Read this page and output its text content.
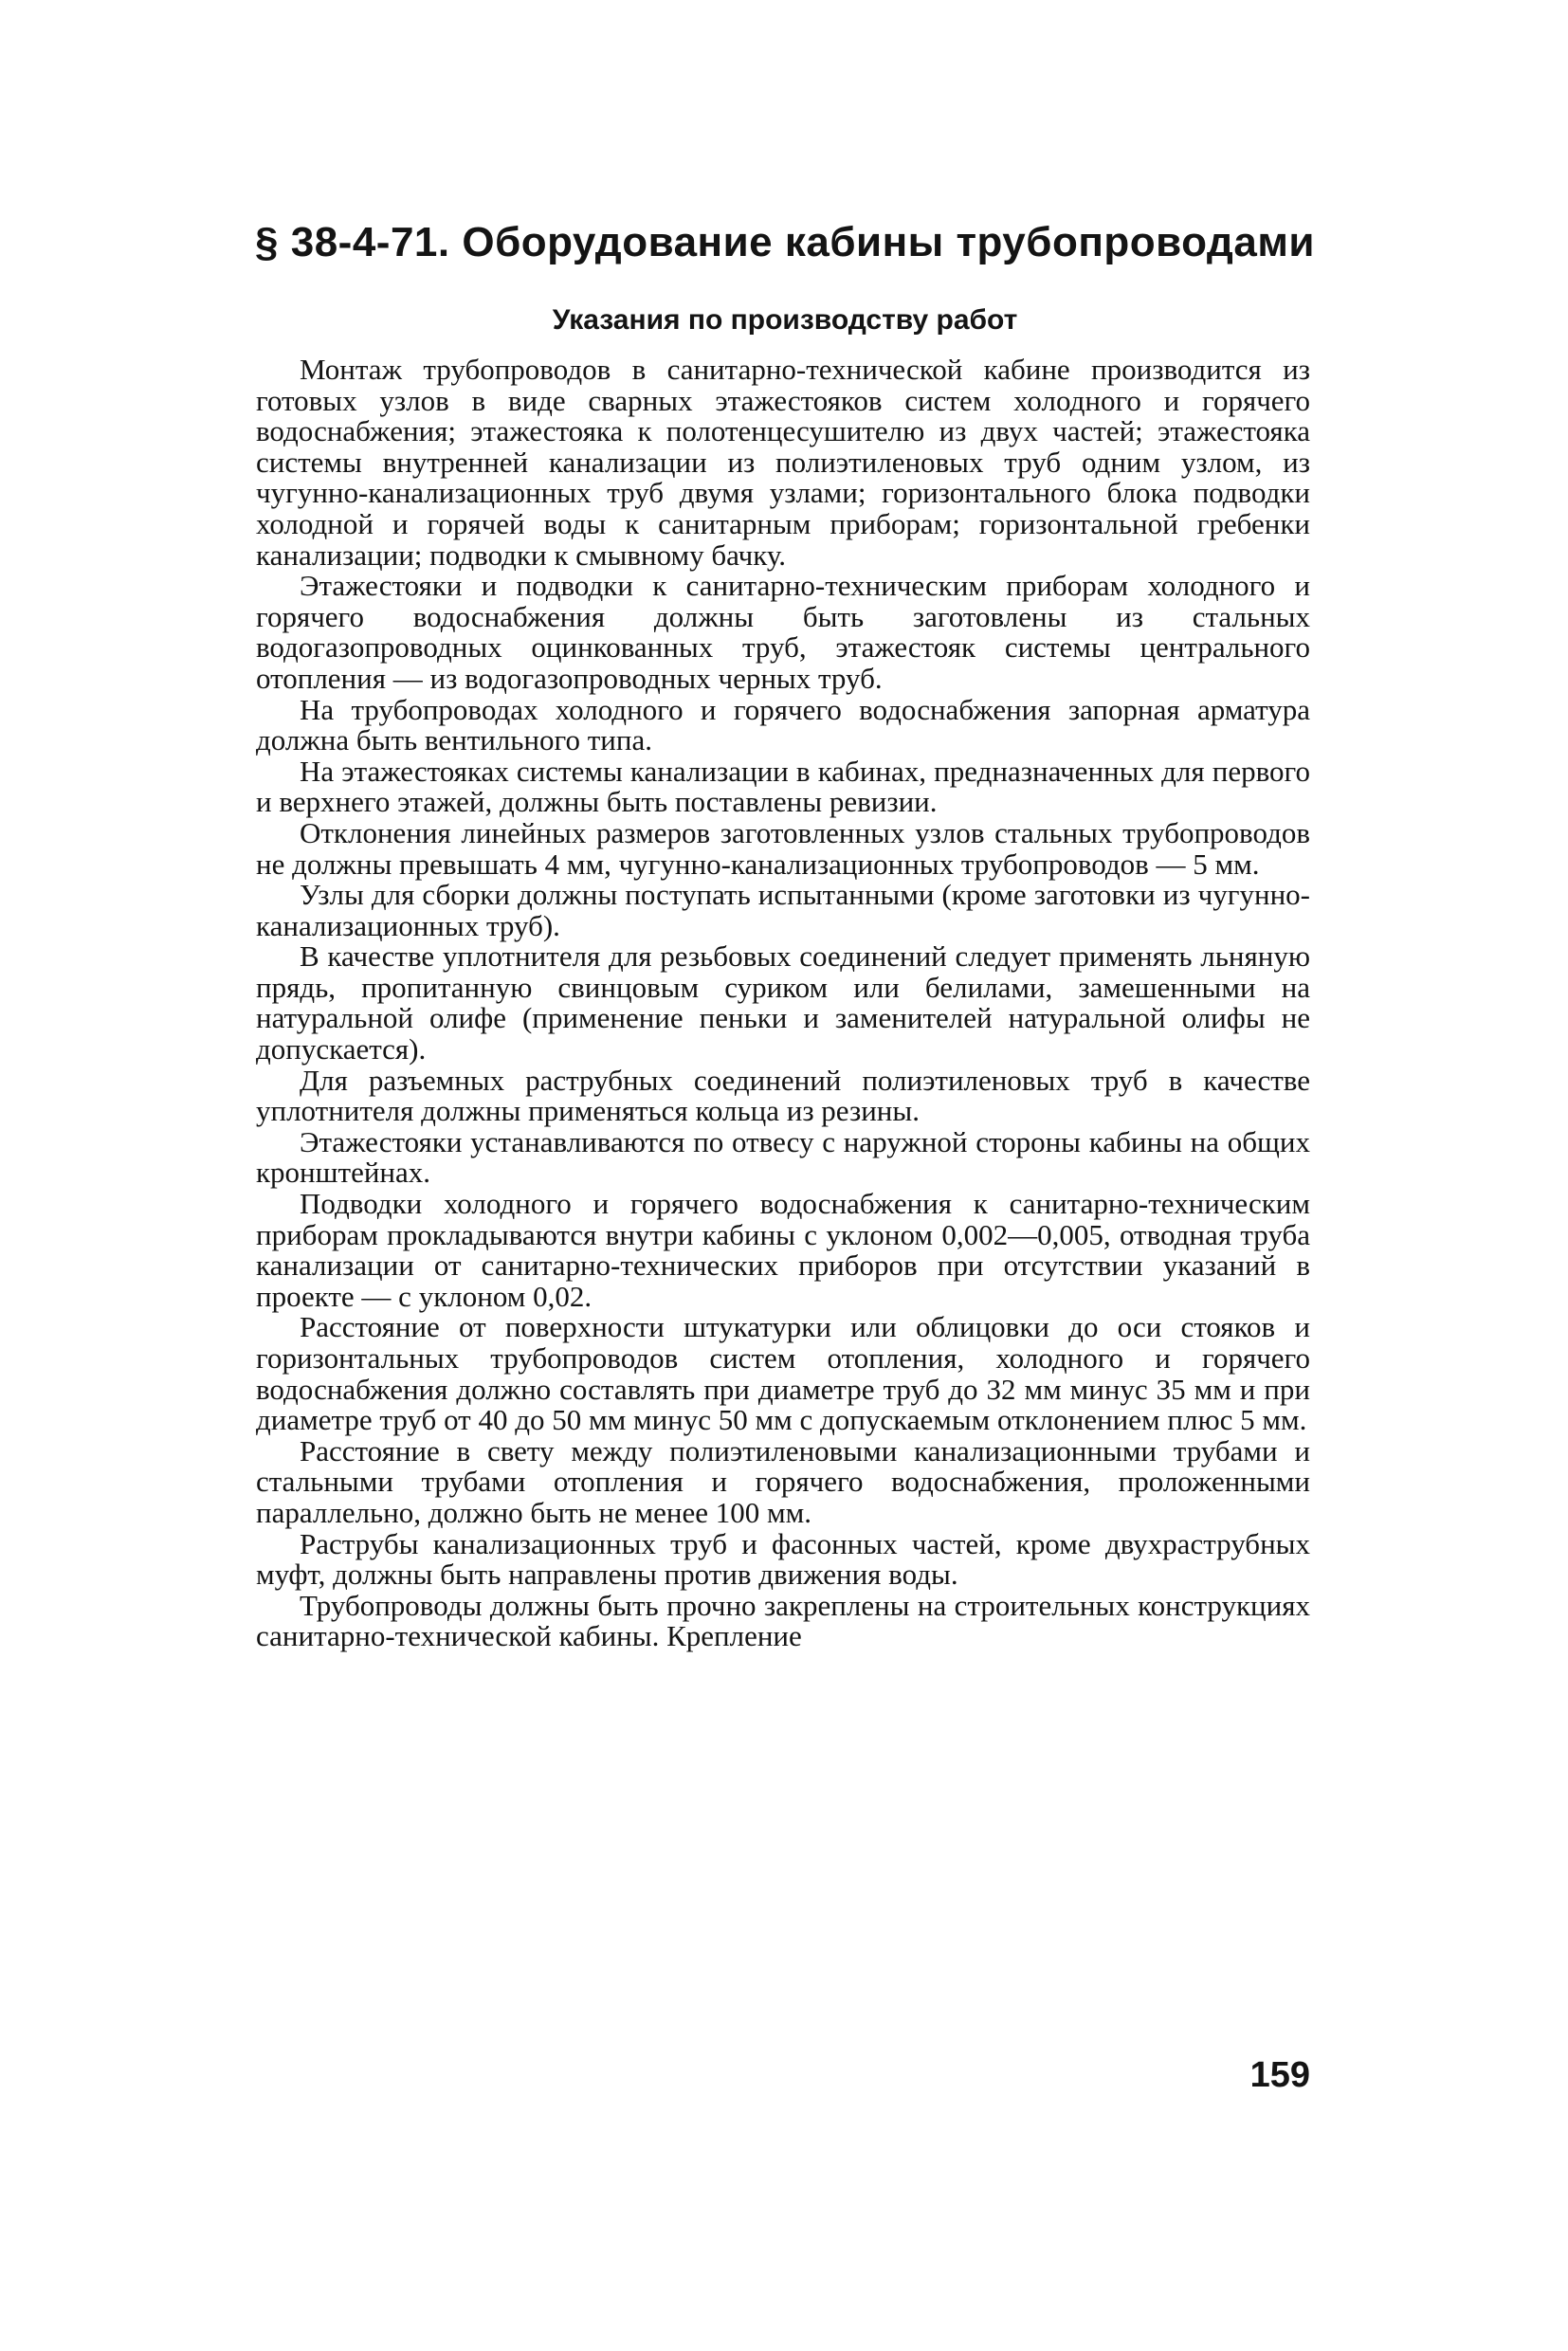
§ 38-4-71. Оборудование кабины трубопроводами
Указания по производству работ

Монтаж трубопроводов в санитарно-технической кабине производится из готовых узлов в виде сварных этажестояков систем холодного и горячего водоснабжения; этажестояка к полотенцесушителю из двух частей; этажестояка системы внутренней канализации из полиэтиленовых труб одним узлом, из чугунно-канализационных труб двумя узлами; горизонтального блока подводки холодной и горячей воды к санитарным приборам; горизонтальной гребенки канализации; подводки к смывному бачку.

Этажестояки и подводки к санитарно-техническим приборам холодного и горячего водоснабжения должны быть заготовлены из стальных водогазопроводных оцинкованных труб, этажестояк системы центрального отопления — из водогазопроводных черных труб.

На трубопроводах холодного и горячего водоснабжения запорная арматура должна быть вентильного типа.

На этажестояках системы канализации в кабинах, предназначенных для первого и верхнего этажей, должны быть поставлены ревизии.

Отклонения линейных размеров заготовленных узлов стальных трубопроводов не должны превышать 4 мм, чугунно-канализационных трубопроводов — 5 мм.

Узлы для сборки должны поступать испытанными (кроме заготовки из чугунно-канализационных труб).

В качестве уплотнителя для резьбовых соединений следует применять льняную прядь, пропитанную свинцовым суриком или белилами, замешенными на натуральной олифе (применение пеньки и заменителей натуральной олифы не допускается).

Для разъемных раструбных соединений полиэтиленовых труб в качестве уплотнителя должны применяться кольца из резины.

Этажестояки устанавливаются по отвесу с наружной стороны кабины на общих кронштейнах.

Подводки холодного и горячего водоснабжения к санитарно-техническим приборам прокладываются внутри кабины с уклоном 0,002—0,005, отводная труба канализации от санитарно-технических приборов при отсутствии указаний в проекте — с уклоном 0,02.

Расстояние от поверхности штукатурки или облицовки до оси стояков и горизонтальных трубопроводов систем отопления, холодного и горячего водоснабжения должно составлять при диаметре труб до 32 мм минус 35 мм и при диаметре труб от 40 до 50 мм минус 50 мм с допускаемым отклонением плюс 5 мм.

Расстояние в свету между полиэтиленовыми канализационными трубами и стальными трубами отопления и горячего водоснабжения, проложенными параллельно, должно быть не менее 100 мм.

Раструбы канализационных труб и фасонных частей, кроме двухраструбных муфт, должны быть направлены против движения воды.

Трубопроводы должны быть прочно закреплены на строительных конструкциях санитарно-технической кабины. Крепление

159
